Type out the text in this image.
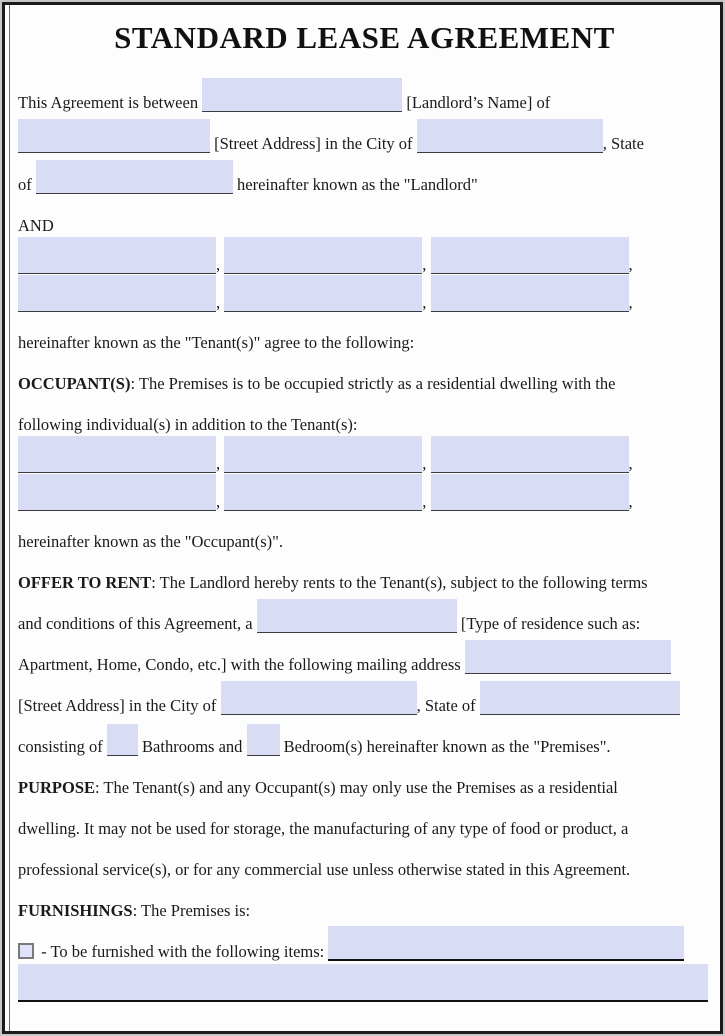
STANDARD LEASE AGREEMENT
This Agreement is between	[Landlord’s Name] of
[Street Address] in the City of	, State
of	hereinafter known as the "Landlord"
AND
,	,	,
,	,	,
hereinafter known as the "Tenant(s)" agree to the following:
OCCUPANT(S): The Premises is to be occupied strictly as a residential dwelling with the
following individual(s) in addition to the Tenant(s):
,	,	,
,	,	,
hereinafter known as the "Occupant(s)".
OFFER TO RENT: The Landlord hereby rents to the Tenant(s), subject to the following terms
and conditions of this Agreement, a	[Type of residence such as:
Apartment, Home, Condo, etc.] with the following mailing address
[Street Address] in the City of	, State of
consisting of  Bathrooms and  Bedroom(s) hereinafter known as the "Premises".
PURPOSE: The Tenant(s) and any Occupant(s) may only use the Premises as a residential
dwelling. It may not be used for storage, the manufacturing of any type of food or product, a
professional service(s), or for any commercial use unless otherwise stated in this Agreement.
FURNISHINGS: The Premises is:
- To be furnished with the following items:
